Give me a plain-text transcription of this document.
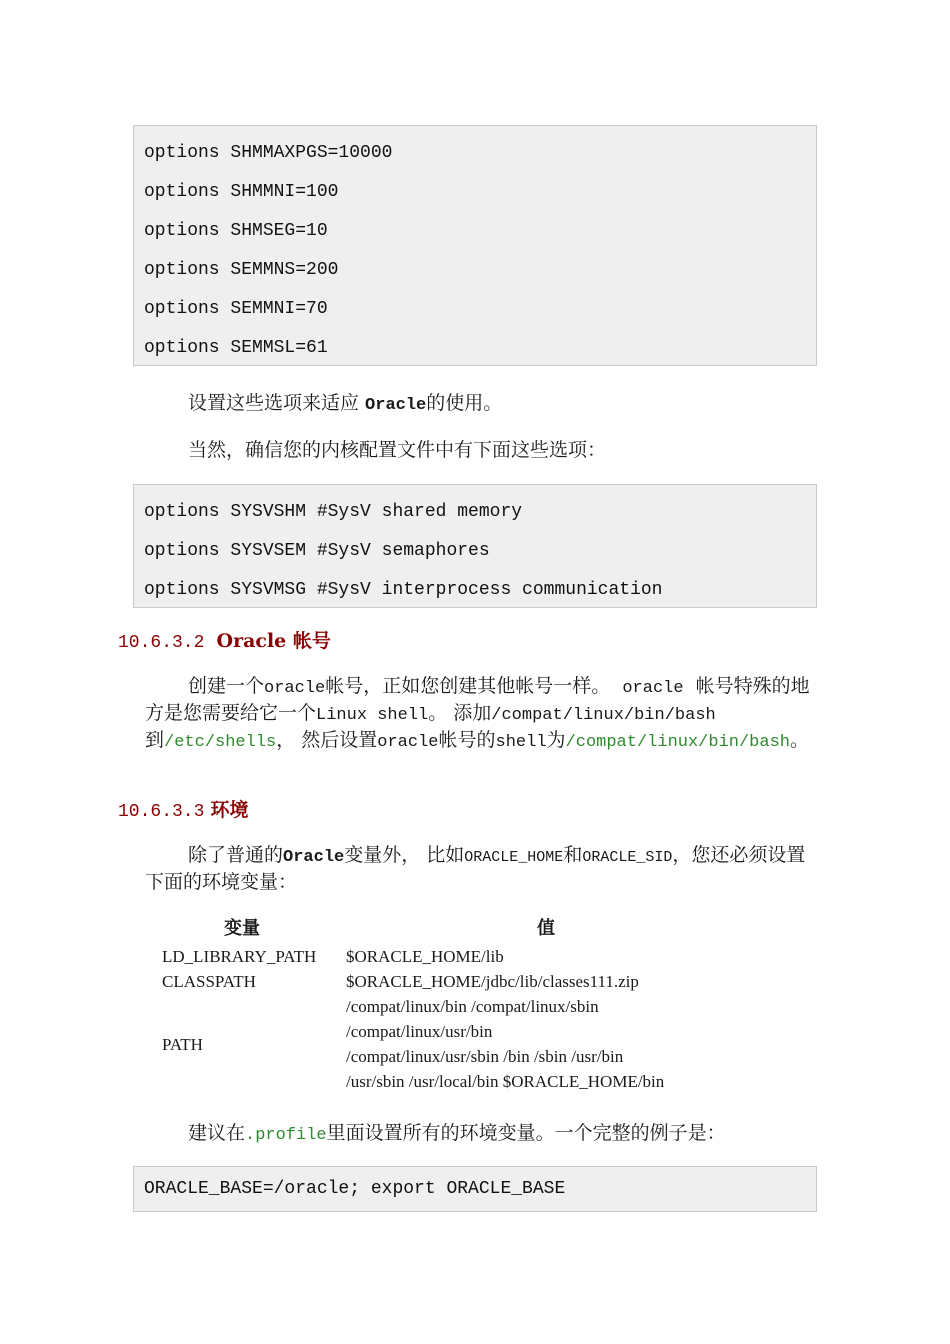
options SHMMAXPGS=10000
options SHMMNI=100
options SHMSEG=10
options SEMMNS=200
options SEMMNI=70
options SEMMSL=61
设置这些选项来适应 Oracle的使用。
当然，确信您的内核配置文件中有下面这些选项：
options SYSVSHM #SysV shared memory
options SYSVSEM #SysV semaphores
options SYSVMSG #SysV interprocess communication
10.6.3.2 Oracle 帐号
创建一个oracle帐号，正如您创建其他帐号一样。 oracle 帐号特殊的地方是您需要给它一个Linux shell。 添加/compat/linux/bin/bash到/etc/shells， 然后设置oracle帐号的shell为/compat/linux/bin/bash。
10.6.3.3 环境
除了普通的Oracle变量外， 比如ORACLE_HOME和ORACLE_SID，您还必须设置下面的环境变量：
变量	值
LD_LIBRARY_PATH	$ORACLE_HOME/lib

CLASSPATH	$ORACLE_HOME/jdbc/lib/classes111.zip

PATH	/compat/linux/bin /compat/linux/sbin
/compat/linux/usr/bin
/compat/linux/usr/sbin /bin /sbin /usr/bin
/usr/sbin /usr/local/bin $ORACLE_HOME/bin
建议在.profile里面设置所有的环境变量。一个完整的例子是：
ORACLE_BASE=/oracle; export ORACLE_BASE
